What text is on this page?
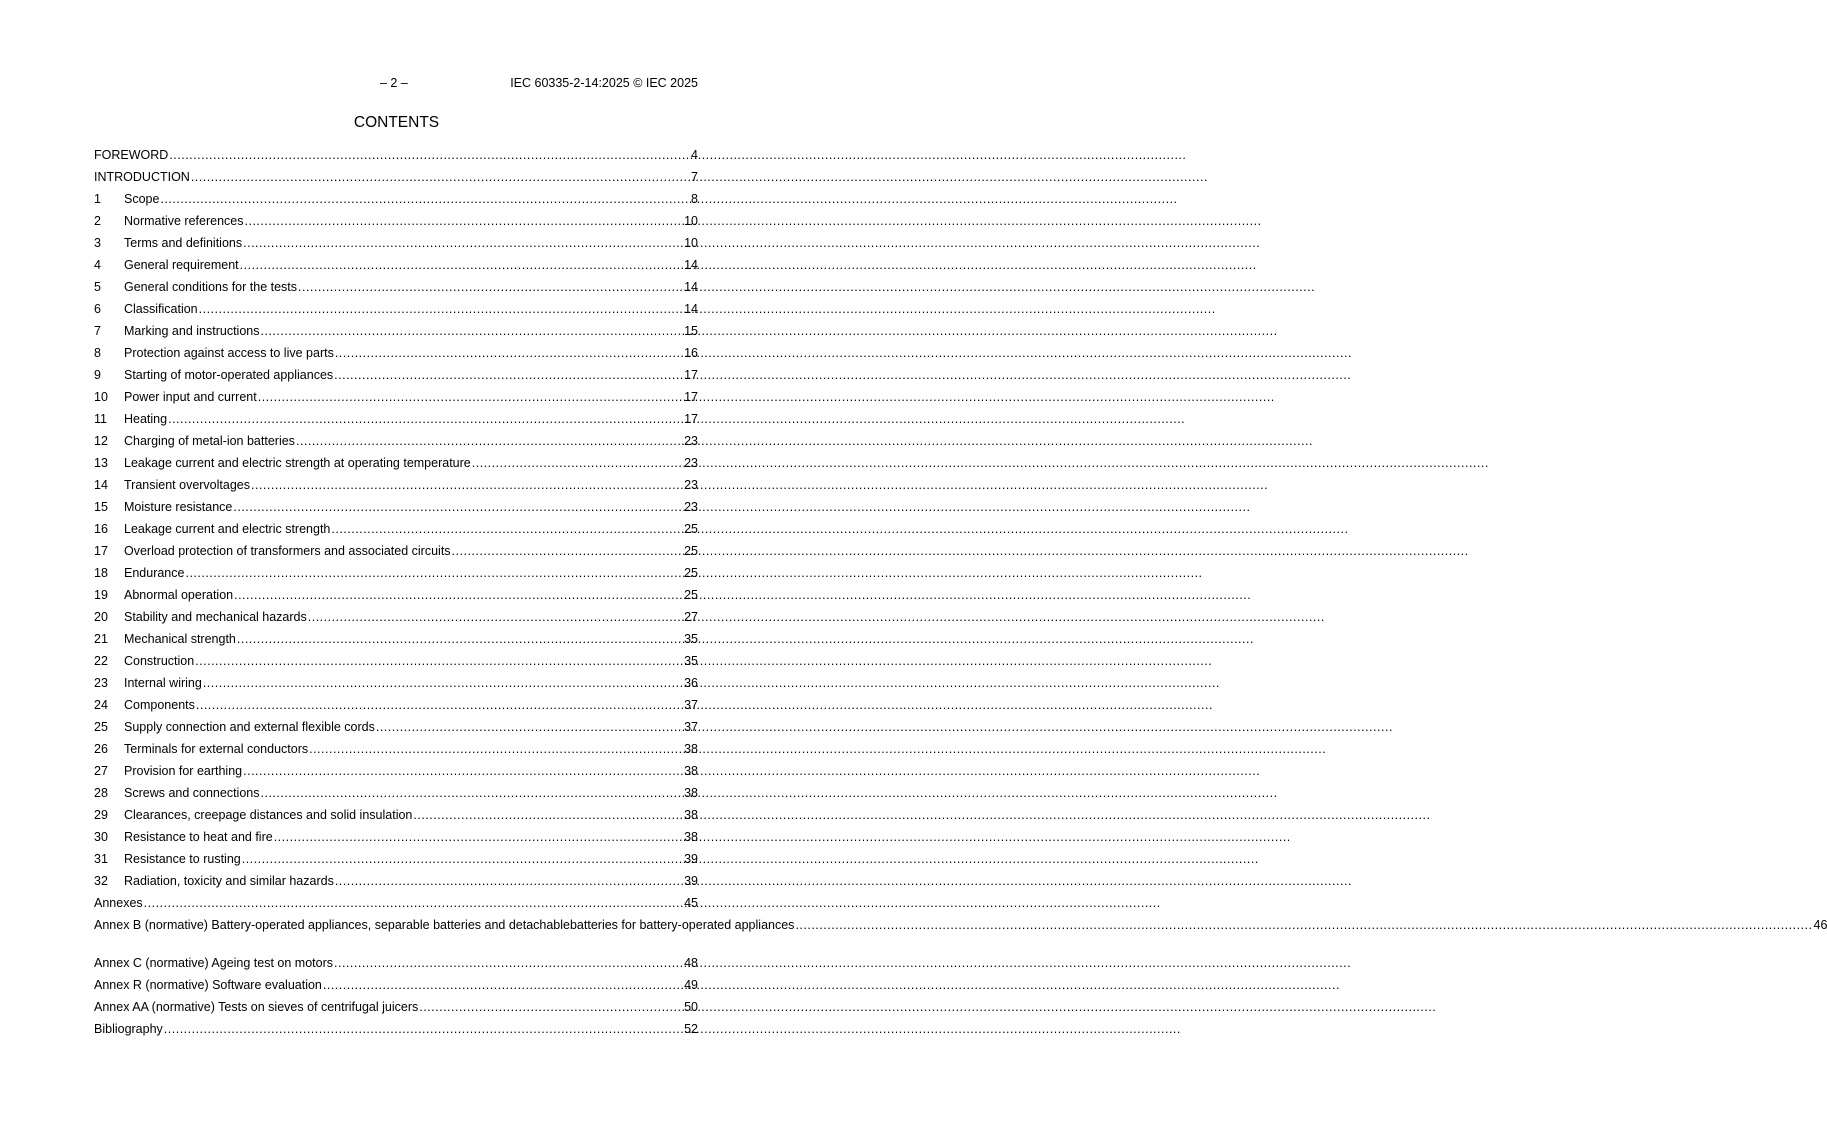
– 2 –	IEC 60335-2-14:2025 © IEC 2025
CONTENTS
FOREWORD .....	4
INTRODUCTION .....	7
1	Scope .....	8
2	Normative references .....	10
3	Terms and definitions .....	10
4	General requirement .....	14
5	General conditions for the tests .....	14
6	Classification .....	14
7	Marking and instructions .....	15
8	Protection against access to live parts .....	16
9	Starting of motor-operated appliances .....	17
10	Power input and current .....	17
11	Heating .....	17
12	Charging of metal-ion batteries .....	23
13	Leakage current and electric strength at operating temperature .....	23
14	Transient overvoltages .....	23
15	Moisture resistance .....	23
16	Leakage current and electric strength .....	25
17	Overload protection of transformers and associated circuits .....	25
18	Endurance .....	25
19	Abnormal operation .....	25
20	Stability and mechanical hazards .....	27
21	Mechanical strength .....	35
22	Construction .....	35
23	Internal wiring .....	36
24	Components .....	37
25	Supply connection and external flexible cords .....	37
26	Terminals for external conductors .....	38
27	Provision for earthing .....	38
28	Screws and connections .....	38
29	Clearances, creepage distances and solid insulation .....	38
30	Resistance to heat and fire .....	38
31	Resistance to rusting .....	39
32	Radiation, toxicity and similar hazards .....	39
Annexes .....	45
Annex B (normative) Battery-operated appliances, separable batteries and detachable batteries for battery-operated appliances .....	46
Annex C (normative) Ageing test on motors .....	48
Annex R (normative) Software evaluation .....	49
Annex AA (normative) Tests on sieves of centrifugal juicers .....	50
Bibliography .....	52
